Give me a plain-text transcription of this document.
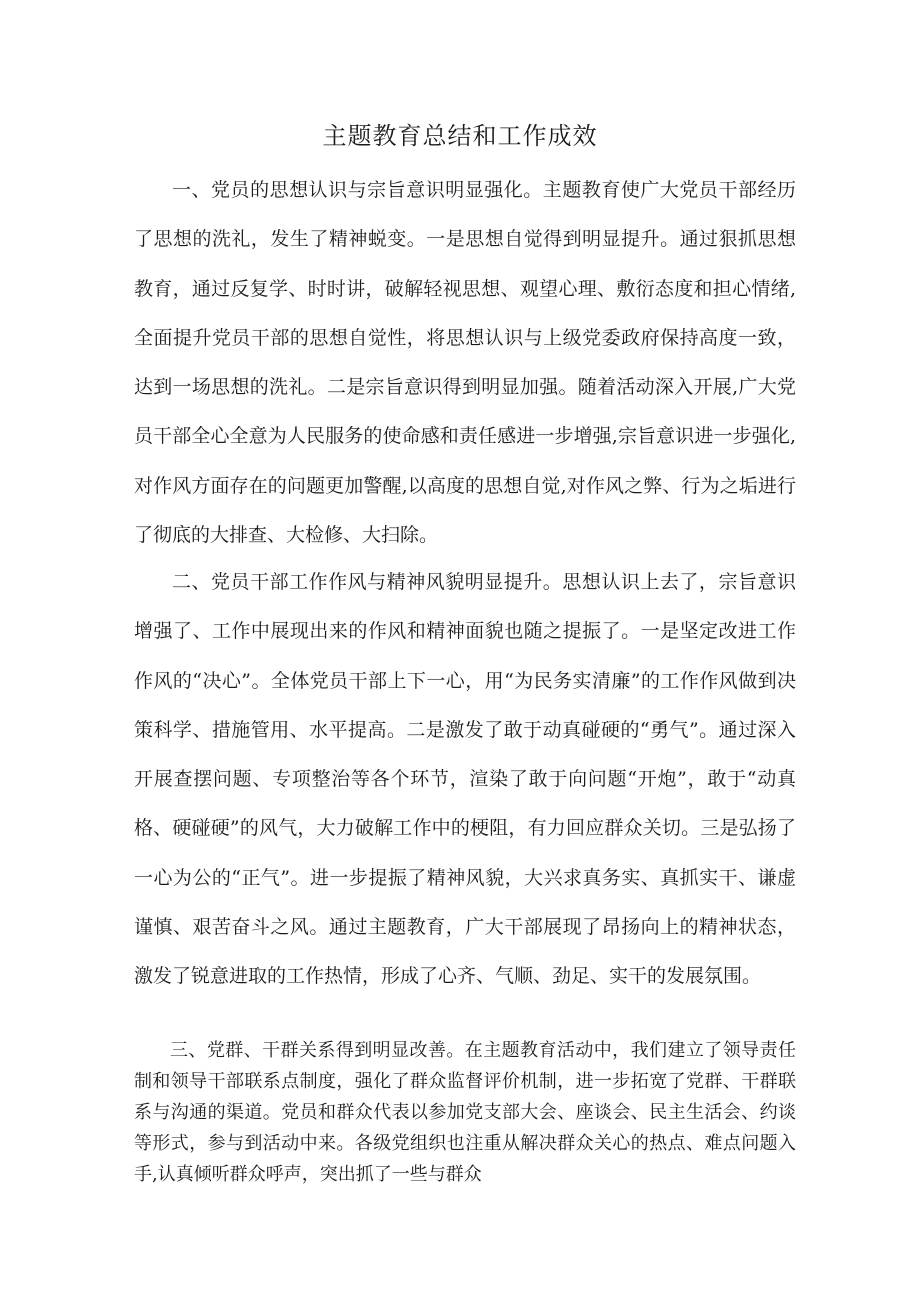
主题教育总结和工作成效

一、党员的思想认识与宗旨意识明显强化。主题教育使广大党员干部经历了思想的洗礼，发生了精神蜕变。一是思想自觉得到明显提升。通过狠抓思想教育，通过反复学、时时讲，破解轻视思想、观望心理、敷衍态度和担心情绪,全面提升党员干部的思想自觉性，将思想认识与上级党委政府保持高度一致，达到一场思想的洗礼。二是宗旨意识得到明显加强。随着活动深入开展,广大党员干部全心全意为人民服务的使命感和责任感进一步增强,宗旨意识进一步强化,对作风方面存在的问题更加警醒,以高度的思想自觉,对作风之弊、行为之垢进行了彻底的大排查、大检修、大扫除。

二、党员干部工作作风与精神风貌明显提升。思想认识上去了，宗旨意识增强了、工作中展现出来的作风和精神面貌也随之提振了。一是坚定改进工作作风的“决心”。全体党员干部上下一心，用“为民务实清廉”的工作作风做到决策科学、措施管用、水平提高。二是激发了敢于动真碰硬的“勇气”。通过深入开展查摆问题、专项整治等各个环节，渲染了敢于向问题“开炮”，敢于“动真格、硬碰硬”的风气，大力破解工作中的梗阻，有力回应群众关切。三是弘扬了一心为公的“正气”。进一步提振了精神风貌，大兴求真务实、真抓实干、谦虚谨慎、艰苦奋斗之风。通过主题教育，广大干部展现了昂扬向上的精神状态，激发了锐意进取的工作热情，形成了心齐、气顺、劲足、实干的发展氛围。

三、党群、干群关系得到明显改善。在主题教育活动中，我们建立了领导责任制和领导干部联系点制度，强化了群众监督评价机制，进一步拓宽了党群、干群联系与沟通的渠道。党员和群众代表以参加党支部大会、座谈会、民主生活会、约谈等形式，参与到活动中来。各级党组织也注重从解决群众关心的热点、难点问题入手,认真倾听群众呼声，突出抓了一些与群众
